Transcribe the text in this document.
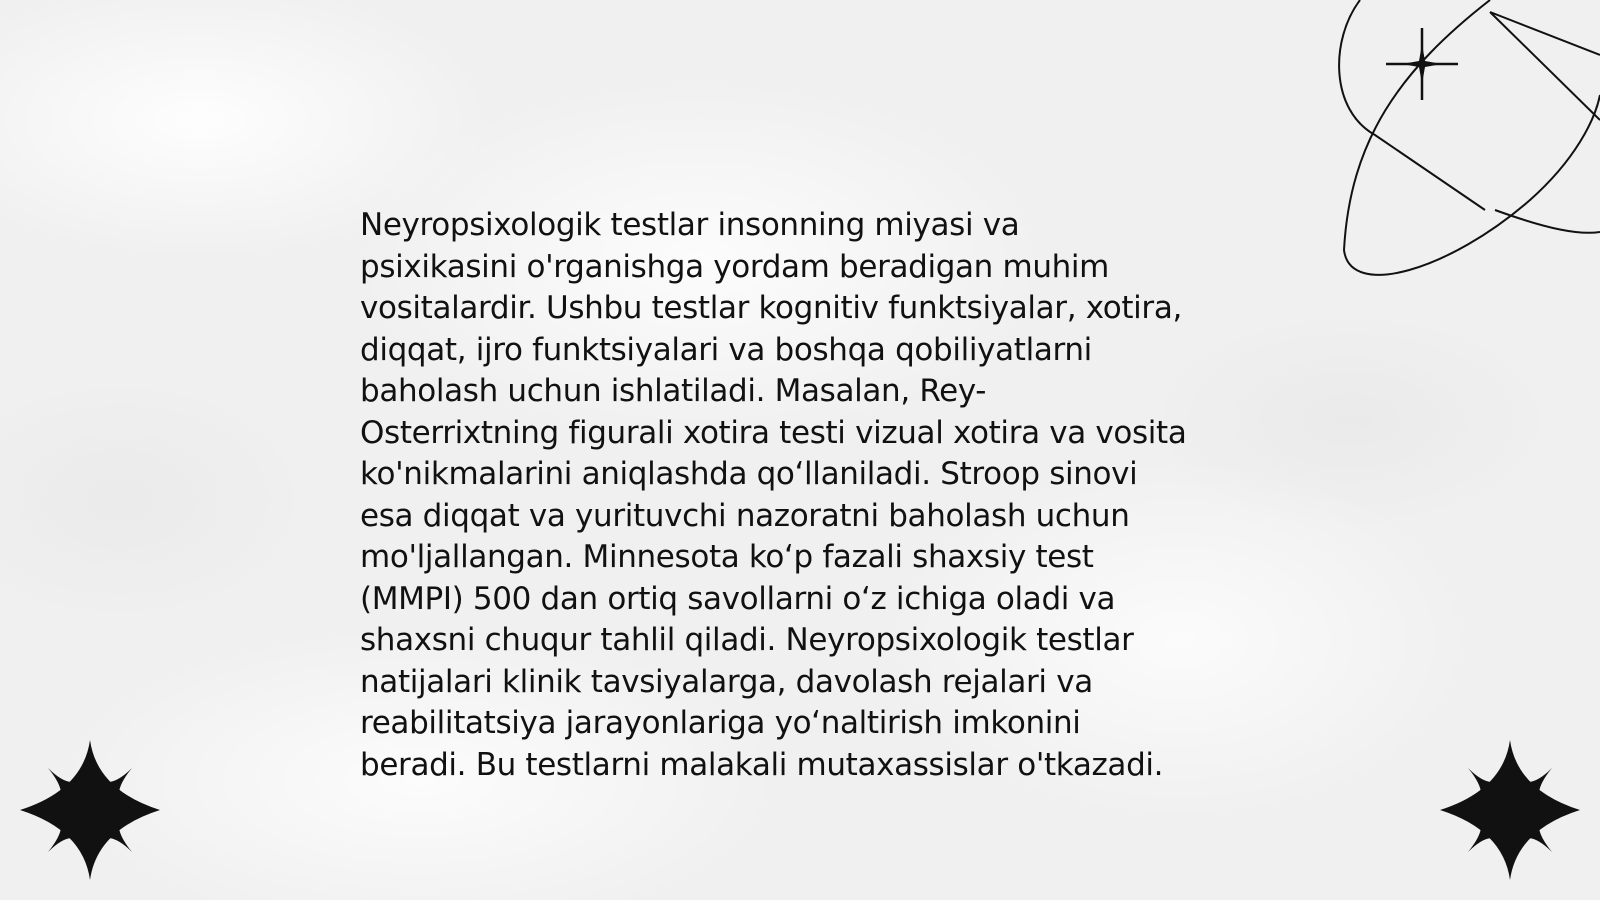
Neyropsixologik testlar insonning miyasi va
psixikasini o'rganishga yordam beradigan muhim
vositalardir. Ushbu testlar kognitiv funktsiyalar, xotira,
diqqat, ijro funktsiyalari va boshqa qobiliyatlarni
baholash uchun ishlatiladi. Masalan, Rey-
Osterrixtning figurali xotira testi vizual xotira va vosita
ko'nikmalarini aniqlashda qo‘llaniladi. Stroop sinovi
esa diqqat va yurituvchi nazoratni baholash uchun
mo'ljallangan. Minnesota ko‘p fazali shaxsiy test
(MMPI) 500 dan ortiq savollarni o‘z ichiga oladi va
shaxsni chuqur tahlil qiladi. Neyropsixologik testlar
natijalari klinik tavsiyalarga, davolash rejalari va
reabilitatsiya jarayonlariga yo‘naltirish imkonini
beradi. Bu testlarni malakali mutaxassislar o'tkazadi.
